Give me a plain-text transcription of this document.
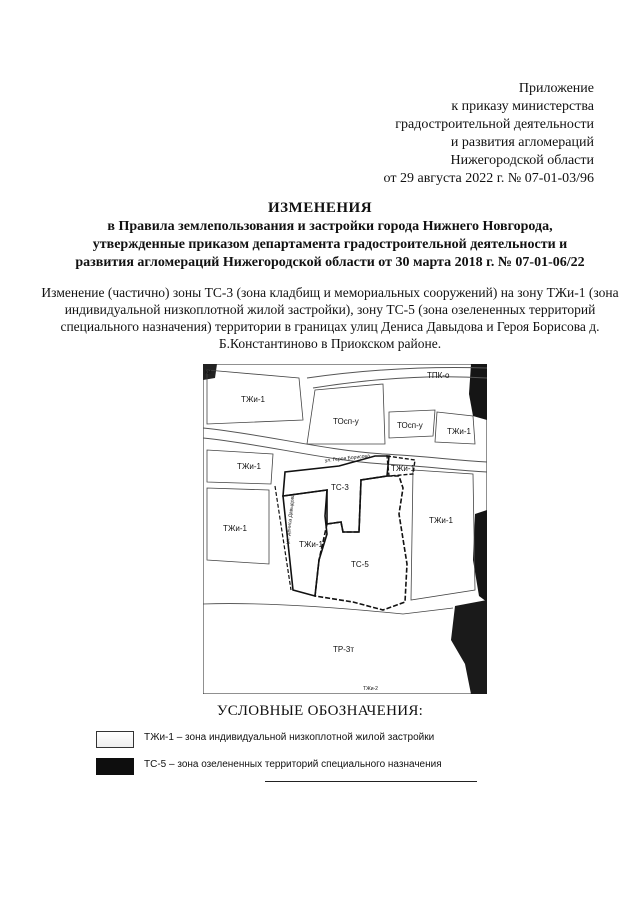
Приложение
к приказу министерства
градостроительной деятельности
и развития агломераций
Нижегородской области
от 29 августа 2022 г. № 07-01-03/96
ИЗМЕНЕНИЯ
в Правила землепользования и застройки города Нижнего Новгорода,
утвержденные приказом департамента градостроительной деятельности и
развития агломераций Нижегородской области от 30 марта 2018 г. № 07-01-06/22
Изменение (частично) зоны ТС-3 (зона кладбищ и мемориальных сооружений) на зону ТЖи-1 (зона индивидуальной низкоплотной жилой застройки), зону ТС-5 (зона озелененных территорий специального назначения) территории в границах улиц Дениса Давыдова и Героя Борисова д. Б.Константиново в Приокском районе.
КИ
ТЖи-1
ТОсп-у	ТОсп-у
ТЖи-1
ТПК-о
ТЖи-1
ТС-3
ТЖи-1
ТЖи-1
ТЖи-1
ТЖи-1
ТС-5
ТР-3т
ТЖи-2
ул. Героя Борисова
ул. Дениса Давыдова
УСЛОВНЫЕ ОБОЗНАЧЕНИЯ:
ТЖи-1 – зона индивидуальной низкоплотной жилой застройки
ТС-5 – зона озелененных территорий специального назначения
